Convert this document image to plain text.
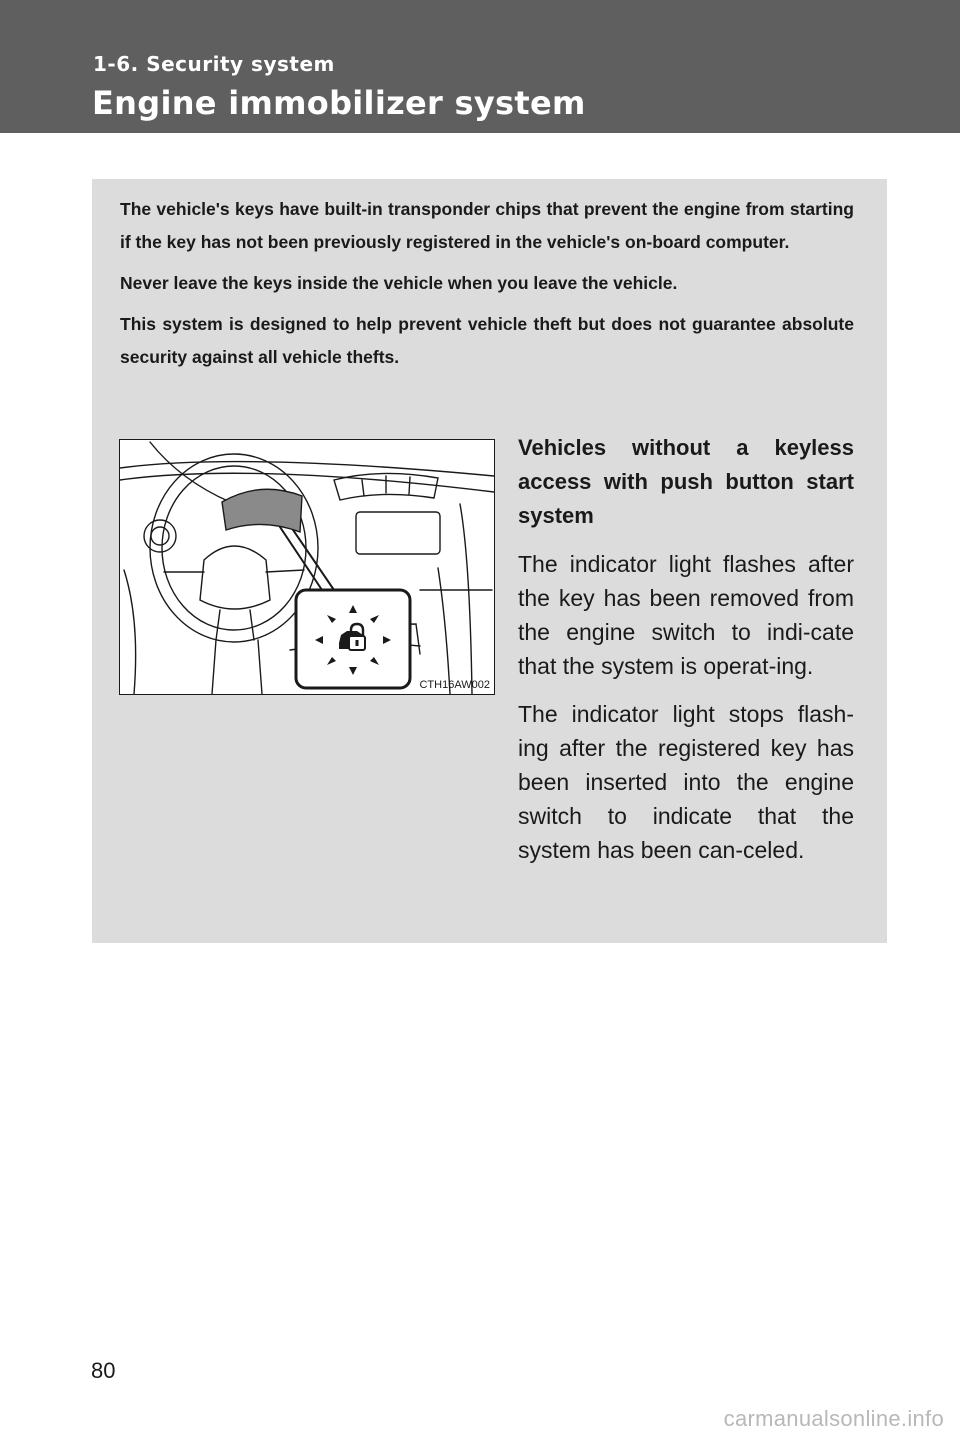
1-6. Security system
Engine immobilizer system

The vehicle's keys have built-in transponder chips that prevent the engine from starting if the key has not been previously registered in the vehicle's on-board computer.

Never leave the keys inside the vehicle when you leave the vehicle.

This system is designed to help prevent vehicle theft but does not guarantee absolute security against all vehicle thefts.

CTH16AW002
Vehicles without a keyless access with push button start system

The indicator light flashes after the key has been removed from the engine switch to indi-cate that the system is operat-ing.

The indicator light stops flash-ing after the registered key has been inserted into the engine switch to indicate that the system has been can-celed.

80
carmanualsonline.info
